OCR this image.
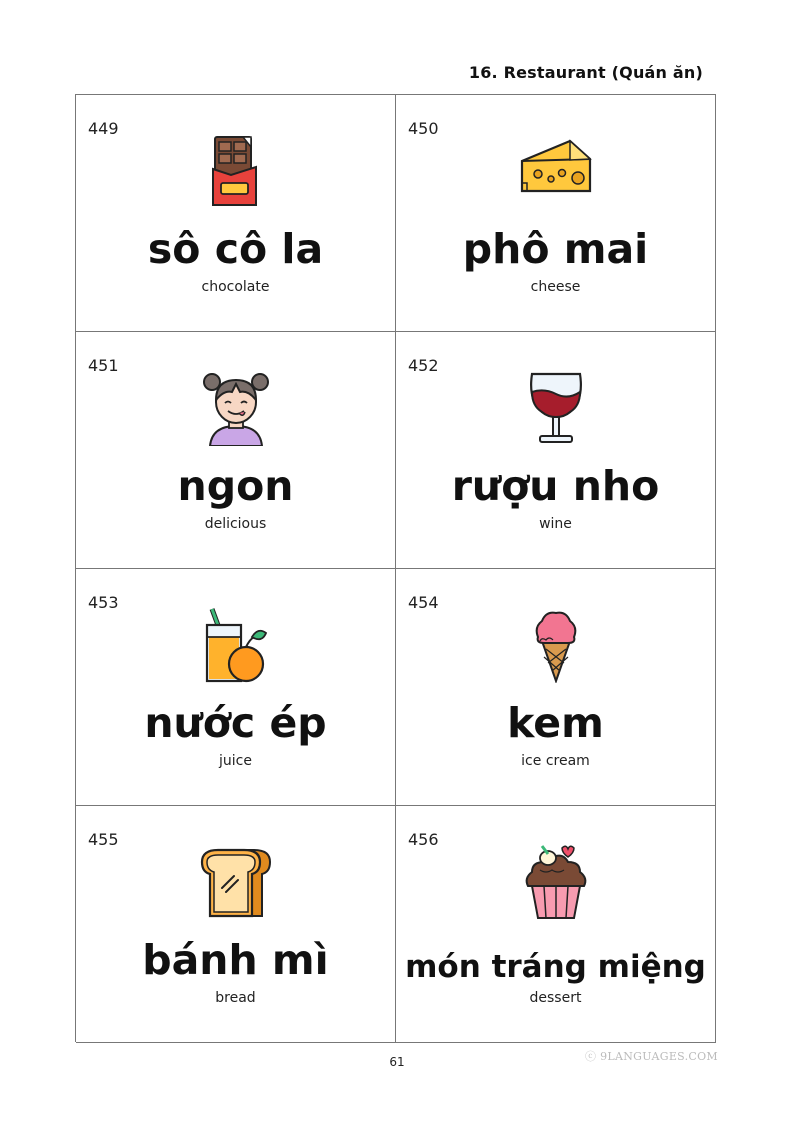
16. Restaurant (Quán ăn)
449
sô cô la
chocolate
450
phô mai
cheese
451
ngon
delicious
452
rượu nho
wine
453
nước ép
juice
454
kem
ice cream
455
bánh mì
bread
456
món tráng miệng
dessert
61	ⓒ 9LANGUAGES.COM
